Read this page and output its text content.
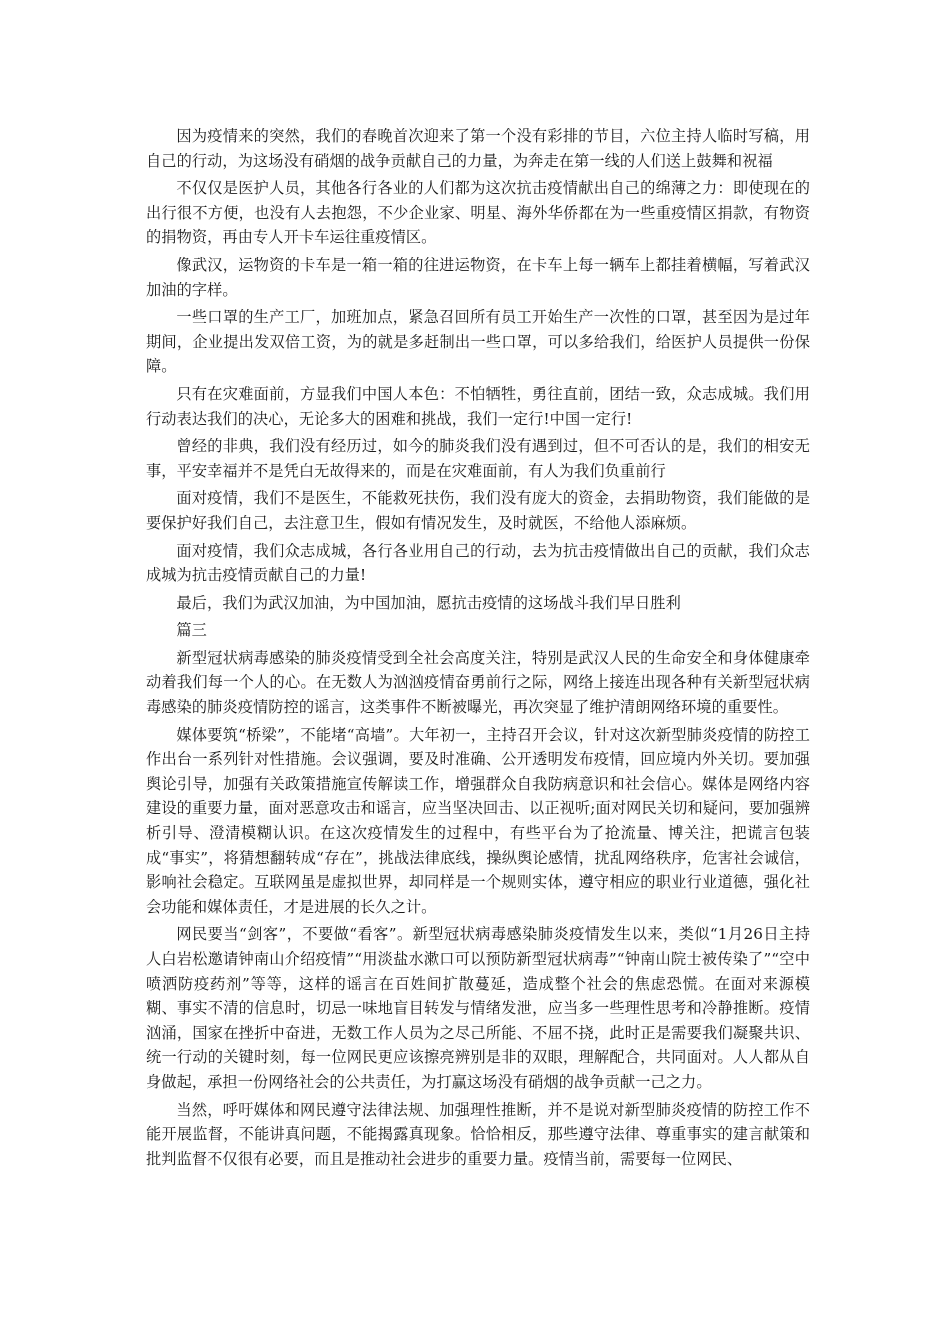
因为疫情来的突然，我们的春晚首次迎来了第一个没有彩排的节目，六位主持人临时写稿，用自己的行动，为这场没有硝烟的战争贡献自己的力量，为奔走在第一线的人们送上鼓舞和祝福

不仅仅是医护人员，其他各行各业的人们都为这次抗击疫情献出自己的绵薄之力：即使现在的出行很不方便，也没有人去抱怨，不少企业家、明星、海外华侨都在为一些重疫情区捐款，有物资的捐物资，再由专人开卡车运往重疫情区。

像武汉，运物资的卡车是一箱一箱的往进运物资，在卡车上每一辆车上都挂着横幅，写着武汉加油的字样。

一些口罩的生产工厂，加班加点，紧急召回所有员工开始生产一次性的口罩，甚至因为是过年期间，企业提出发双倍工资，为的就是多赶制出一些口罩，可以多给我们，给医护人员提供一份保障。

只有在灾难面前，方显我们中国人本色：不怕牺牲，勇往直前，团结一致，众志成城。我们用行动表达我们的决心，无论多大的困难和挑战，我们一定行!中国一定行!

曾经的非典，我们没有经历过，如今的肺炎我们没有遇到过，但不可否认的是，我们的相安无事，平安幸福并不是凭白无故得来的，而是在灾难面前，有人为我们负重前行

面对疫情，我们不是医生，不能救死扶伤，我们没有庞大的资金，去捐助物资，我们能做的是要保护好我们自己，去注意卫生，假如有情况发生，及时就医，不给他人添麻烦。

面对疫情，我们众志成城，各行各业用自己的行动，去为抗击疫情做出自己的贡献，我们众志成城为抗击疫情贡献自己的力量!

最后，我们为武汉加油，为中国加油，愿抗击疫情的这场战斗我们早日胜利

篇三

新型冠状病毒感染的肺炎疫情受到全社会高度关注，特别是武汉人民的生命安全和身体健康牵动着我们每一个人的心。在无数人为汹汹疫情奋勇前行之际，网络上接连出现各种有关新型冠状病毒感染的肺炎疫情防控的谣言，这类事件不断被曝光，再次突显了维护清朗网络环境的重要性。

媒体要筑“桥梁”，不能堵“高墙”。大年初一，主持召开会议，针对这次新型肺炎疫情的防控工作出台一系列针对性措施。会议强调，要及时准确、公开透明发布疫情，回应境内外关切。要加强舆论引导，加强有关政策措施宣传解读工作，增强群众自我防病意识和社会信心。媒体是网络内容建设的重要力量，面对恶意攻击和谣言，应当坚决回击、以正视听;面对网民关切和疑问，要加强辨析引导、澄清模糊认识。在这次疫情发生的过程中，有些平台为了抢流量、博关注，把谎言包装成“事实”，将猜想翻转成“存在”，挑战法律底线，操纵舆论感情，扰乱网络秩序，危害社会诚信，影响社会稳定。互联网虽是虚拟世界，却同样是一个规则实体，遵守相应的职业行业道德，强化社会功能和媒体责任，才是进展的长久之计。

网民要当“剑客”，不要做“看客”。新型冠状病毒感染肺炎疫情发生以来，类似“1月26日主持人白岩松邀请钟南山介绍疫情”“用淡盐水漱口可以预防新型冠状病毒”“钟南山院士被传染了”“空中喷洒防疫药剂”等等，这样的谣言在百姓间扩散蔓延，造成整个社会的焦虑恐慌。在面对来源模糊、事实不清的信息时，切忌一味地盲目转发与情绪发泄，应当多一些理性思考和冷静推断。疫情汹涌，国家在挫折中奋进，无数工作人员为之尽己所能、不屈不挠，此时正是需要我们凝聚共识、统一行动的关键时刻，每一位网民更应该擦亮辨别是非的双眼，理解配合，共同面对。人人都从自身做起，承担一份网络社会的公共责任，为打赢这场没有硝烟的战争贡献一己之力。

当然，呼吁媒体和网民遵守法律法规、加强理性推断，并不是说对新型肺炎疫情的防控工作不能开展监督，不能讲真问题，不能揭露真现象。恰恰相反，那些遵守法律、尊重事实的建言献策和批判监督不仅很有必要，而且是推动社会进步的重要力量。疫情当前，需要每一位网民、
